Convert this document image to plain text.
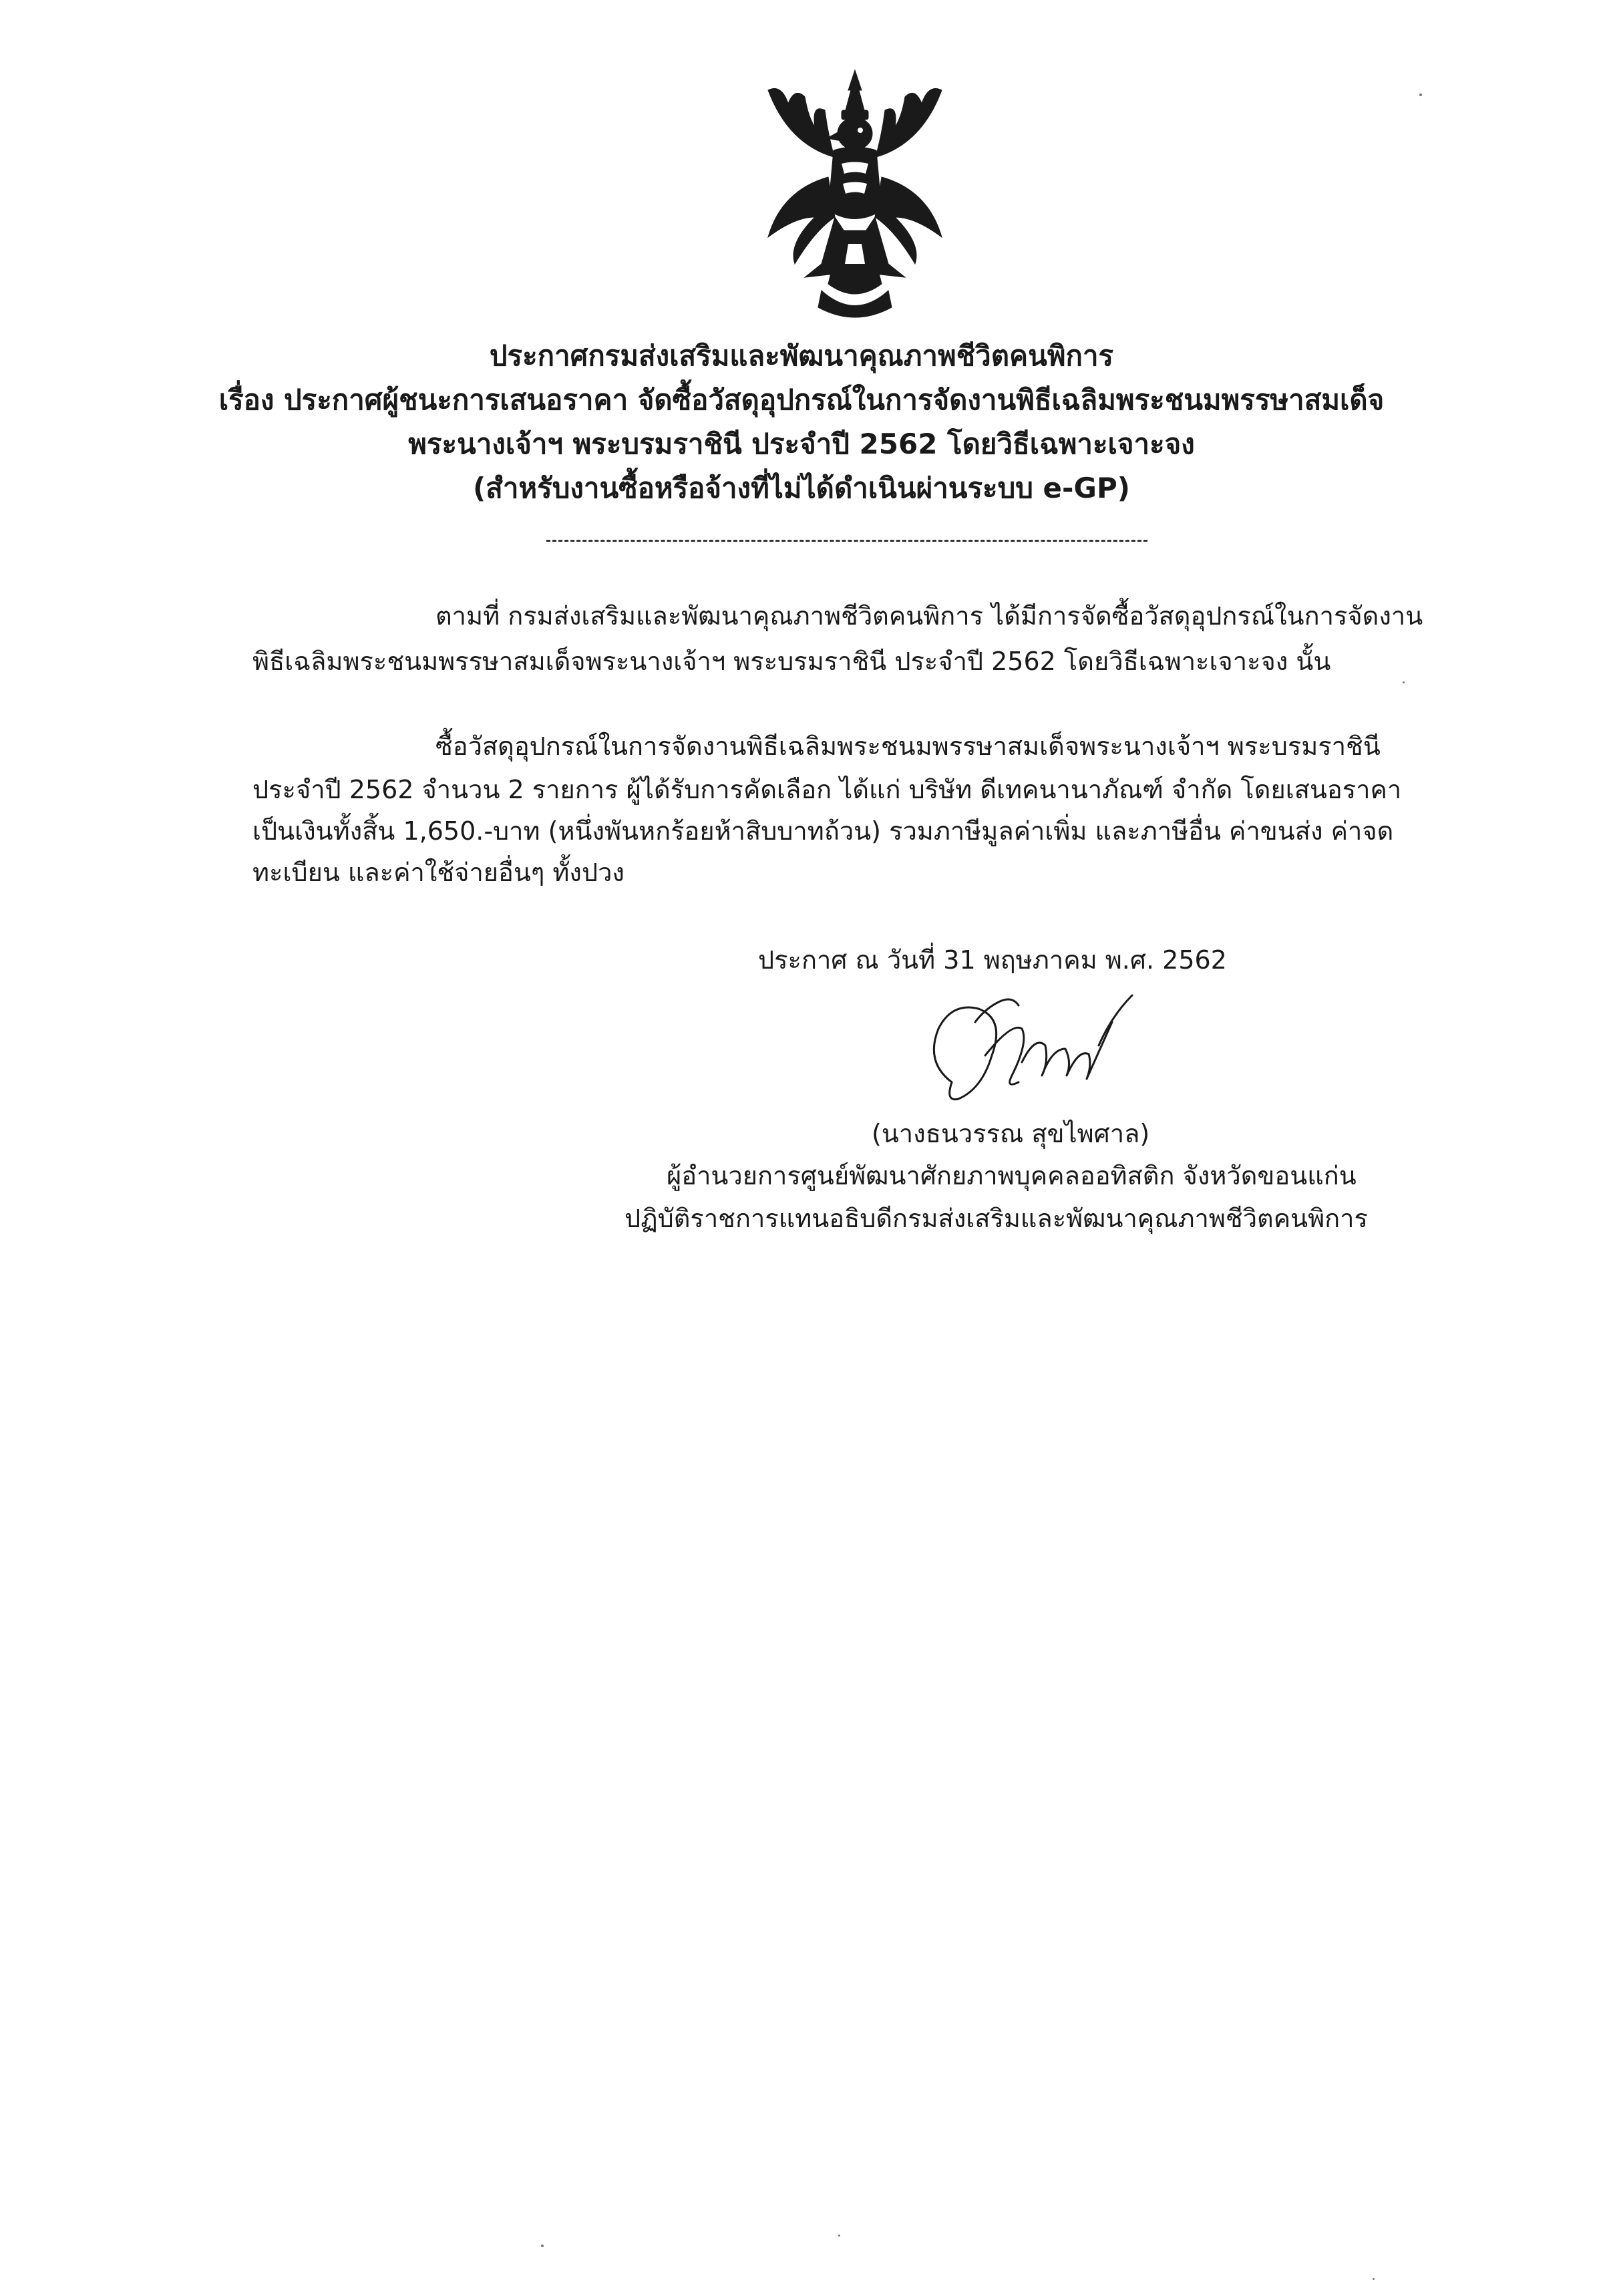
ประกาศกรมส่งเสริมและพัฒนาคุณภาพชีวิตคนพิการ
เรื่อง ประกาศผู้ชนะการเสนอราคา จัดซื้อวัสดุอุปกรณ์ในการจัดงานพิธีเฉลิมพระชนมพรรษาสมเด็จ
พระนางเจ้าฯ พระบรมราชินี ประจำปี 2562 โดยวิธีเฉพาะเจาะจง
(สำหรับงานซื้อหรือจ้างที่ไม่ได้ดำเนินผ่านระบบ e-GP)
ตามที่ กรมส่งเสริมและพัฒนาคุณภาพชีวิตคนพิการ ได้มีการจัดซื้อวัสดุอุปกรณ์ในการจัดงาน
พิธีเฉลิมพระชนมพรรษาสมเด็จพระนางเจ้าฯ พระบรมราชินี ประจำปี 2562 โดยวิธีเฉพาะเจาะจง นั้น
ซื้อวัสดุอุปกรณ์ในการจัดงานพิธีเฉลิมพระชนมพรรษาสมเด็จพระนางเจ้าฯ พระบรมราชินี
ประจำปี 2562 จำนวน 2 รายการ ผู้ได้รับการคัดเลือก ได้แก่ บริษัท ดีเทคนานาภัณฑ์ จำกัด โดยเสนอราคา
เป็นเงินทั้งสิ้น 1,650.-บาท (หนึ่งพันหกร้อยห้าสิบบาทถ้วน) รวมภาษีมูลค่าเพิ่ม และภาษีอื่น ค่าขนส่ง ค่าจด
ทะเบียน และค่าใช้จ่ายอื่นๆ ทั้งปวง
ประกาศ ณ วันที่ 31 พฤษภาคม พ.ศ. 2562
(นางธนวรรณ สุขไพศาล)
ผู้อำนวยการศูนย์พัฒนาศักยภาพบุคคลออทิสติก จังหวัดขอนแก่น
ปฏิบัติราชการแทนอธิบดีกรมส่งเสริมและพัฒนาคุณภาพชีวิตคนพิการ
